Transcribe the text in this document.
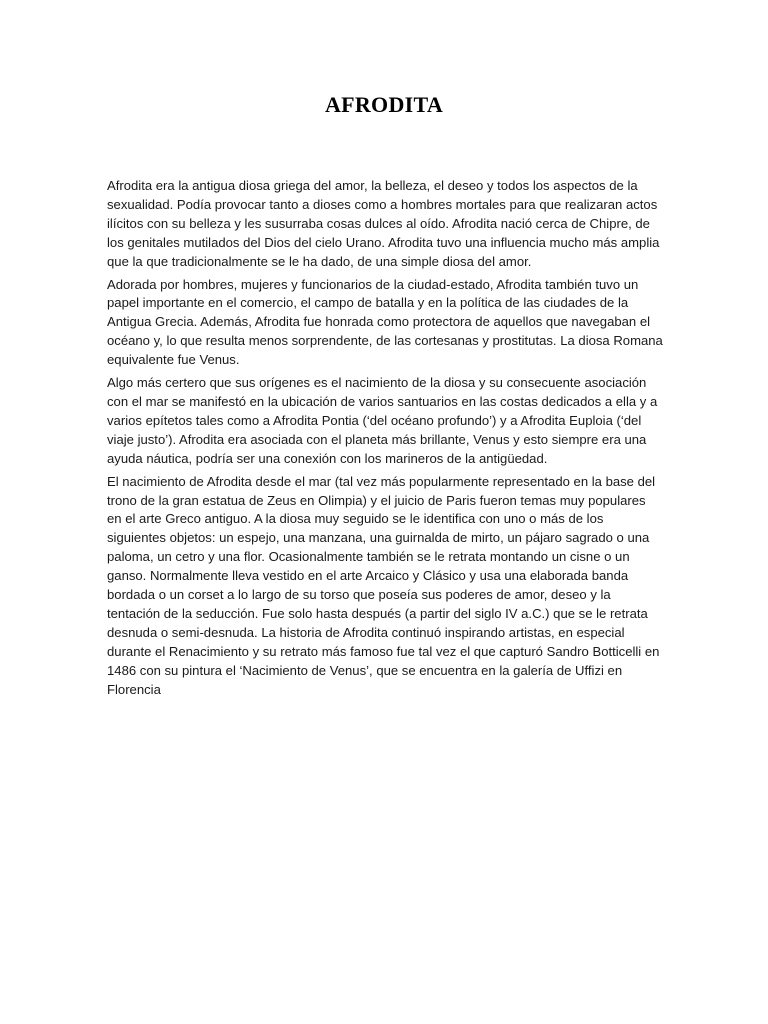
AFRODITA

Afrodita era la antigua diosa griega del amor, la belleza, el deseo y todos los aspectos de la sexualidad. Podía provocar tanto a dioses como a hombres mortales para que realizaran actos ilícitos con su belleza y les susurraba cosas dulces al oído. Afrodita nació cerca de Chipre, de los genitales mutilados del Dios del cielo Urano. Afrodita tuvo una influencia mucho más amplia que la que tradicionalmente se le ha dado, de una simple diosa del amor.

Adorada por hombres, mujeres y funcionarios de la ciudad-estado, Afrodita también tuvo un papel importante en el comercio, el campo de batalla y en la política de las ciudades de la Antigua Grecia. Además, Afrodita fue honrada como protectora de aquellos que navegaban el océano y, lo que resulta menos sorprendente, de las cortesanas y prostitutas. La diosa Romana equivalente fue Venus.

Algo más certero que sus orígenes es el nacimiento de la diosa y su consecuente asociación con el mar se manifestó en la ubicación de varios santuarios en las costas dedicados a ella y a varios epítetos tales como a Afrodita Pontia (‘del océano profundo’) y a Afrodita Euploia (‘del viaje justo’). Afrodita era asociada con el planeta más brillante, Venus y esto siempre era una ayuda náutica, podría ser una conexión con los marineros de la antigüedad.

El nacimiento de Afrodita desde el mar (tal vez más popularmente representado en la base del trono de la gran estatua de Zeus en Olimpia) y el juicio de Paris fueron temas muy populares en el arte Greco antiguo. A la diosa muy seguido se le identifica con uno o más de los siguientes objetos: un espejo, una manzana, una guirnalda de mirto, un pájaro sagrado o una paloma, un cetro y una flor. Ocasionalmente también se le retrata montando un cisne o un ganso. Normalmente lleva vestido en el arte Arcaico y Clásico y usa una elaborada banda bordada o un corset a lo largo de su torso que poseía sus poderes de amor, deseo y la tentación de la seducción. Fue solo hasta después (a partir del siglo IV a.C.) que se le retrata desnuda o semi-desnuda. La historia de Afrodita continuó inspirando artistas, en especial durante el Renacimiento y su retrato más famoso fue tal vez el que capturó Sandro Botticelli en 1486 con su pintura el ‘Nacimiento de Venus’, que se encuentra en la galería de Uffizi en Florencia
